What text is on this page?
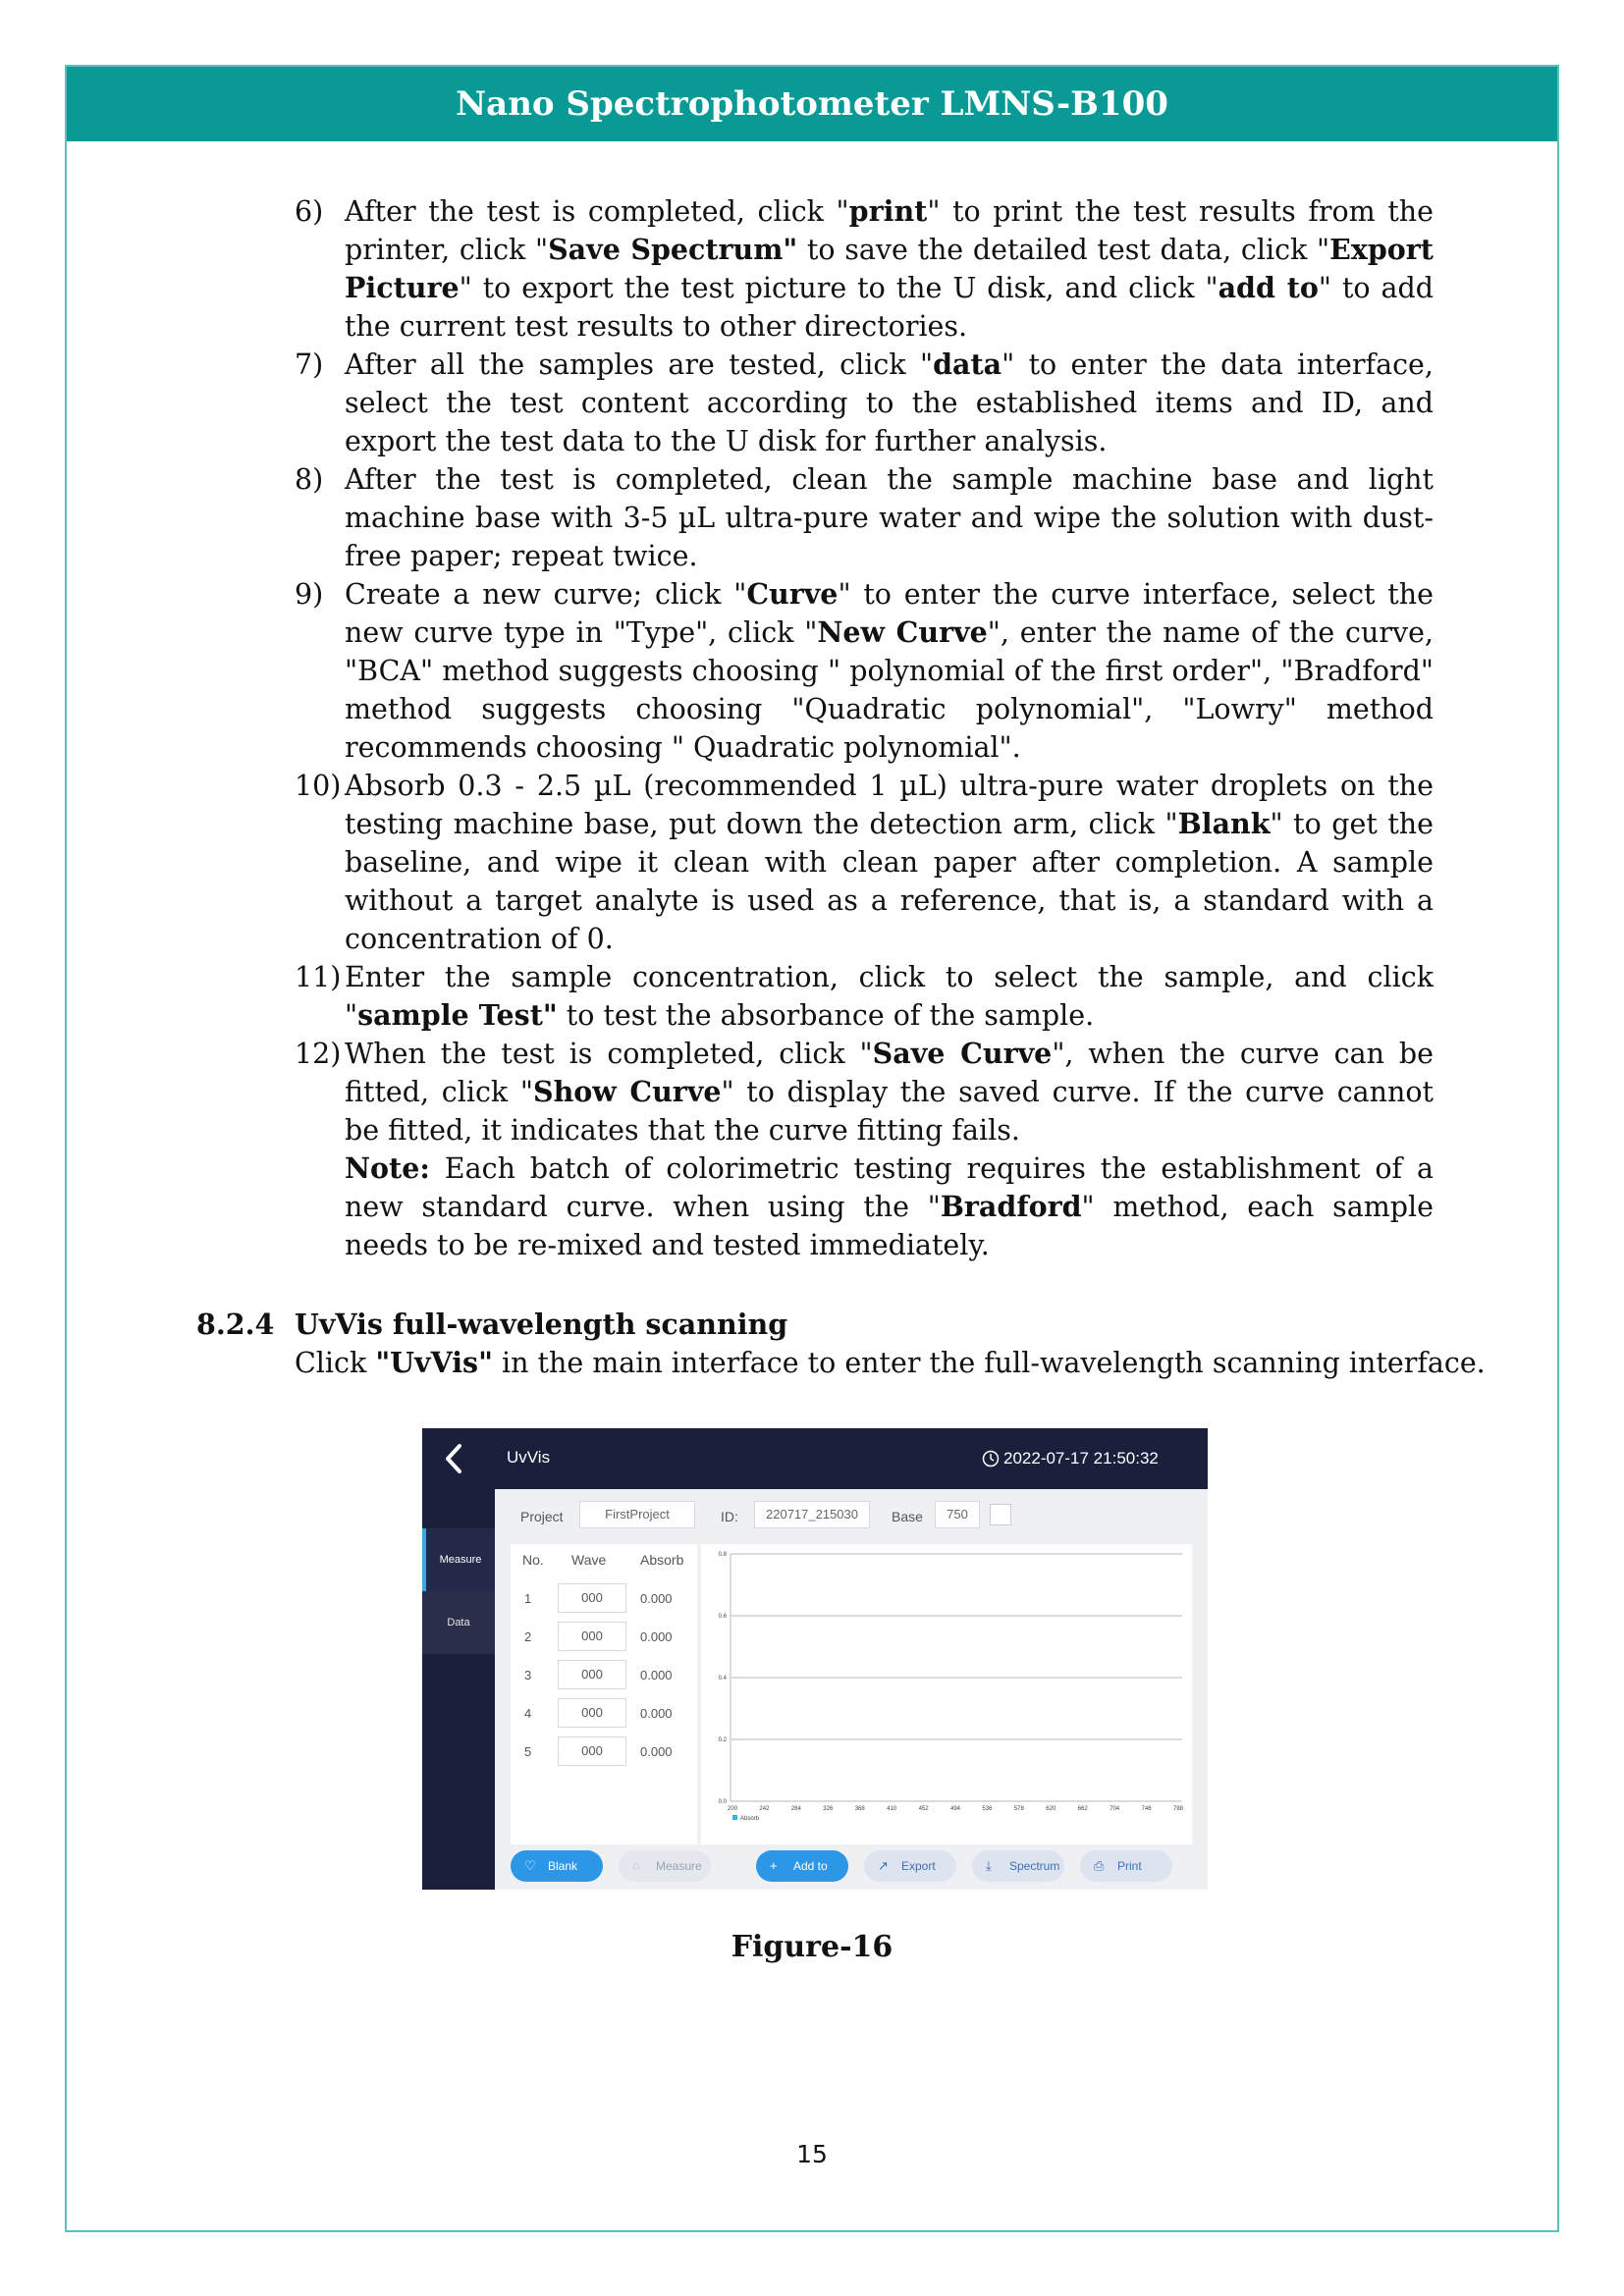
Nano Spectrophotometer LMNS-B100
6) After the test is completed, click "print" to print the test results from the printer, click "Save Spectrum" to save the detailed test data, click "Export Picture" to export the test picture to the U disk, and click "add to" to add the current test results to other directories.
7) After all the samples are tested, click "data" to enter the data interface, select the test content according to the established items and ID, and export the test data to the U disk for further analysis.
8) After the test is completed, clean the sample machine base and light machine base with 3-5 µL ultra-pure water and wipe the solution with dust-free paper; repeat twice.
9) Create a new curve; click "Curve" to enter the curve interface, select the new curve type in "Type", click "New Curve", enter the name of the curve, "BCA" method suggests choosing " polynomial of the first order", "Bradford" method suggests choosing "Quadratic polynomial", "Lowry" method recommends choosing " Quadratic polynomial".
10) Absorb 0.3 - 2.5 µL (recommended 1 µL) ultra-pure water droplets on the testing machine base, put down the detection arm, click "Blank" to get the baseline, and wipe it clean with clean paper after completion. A sample without a target analyte is used as a reference, that is, a standard with a concentration of 0.
11) Enter the sample concentration, click to select the sample, and click "sample Test" to test the absorbance of the sample.
12) When the test is completed, click "Save Curve", when the curve can be fitted, click "Show Curve" to display the saved curve. If the curve cannot be fitted, it indicates that the curve fitting fails.
Note: Each batch of colorimetric testing requires the establishment of a new standard curve. when using the "Bradford" method, each sample needs to be re-mixed and tested immediately.
8.2.4 UvVis full-wavelength scanning
Click "UvVis" in the main interface to enter the full-wavelength scanning interface.
UvVis	2022-07-17 21:50:32
Measure
Data
Project	FirstProject	ID:	220717_215030	Base	750
No. Wave Absorb
1	000	0.000
2	000	0.000
3	000	0.000
4	000	0.000
5	000	0.000
0.0
0.2
0.4
0.6
0.8
200	242	284	326	368	410	452	494	536	578	620	662	704	746	788
Absorb
♡ Blank	◌ Measure	+ Add to	↗ Export	⤓ Spectrum	⎙ Print
Figure-16
15
